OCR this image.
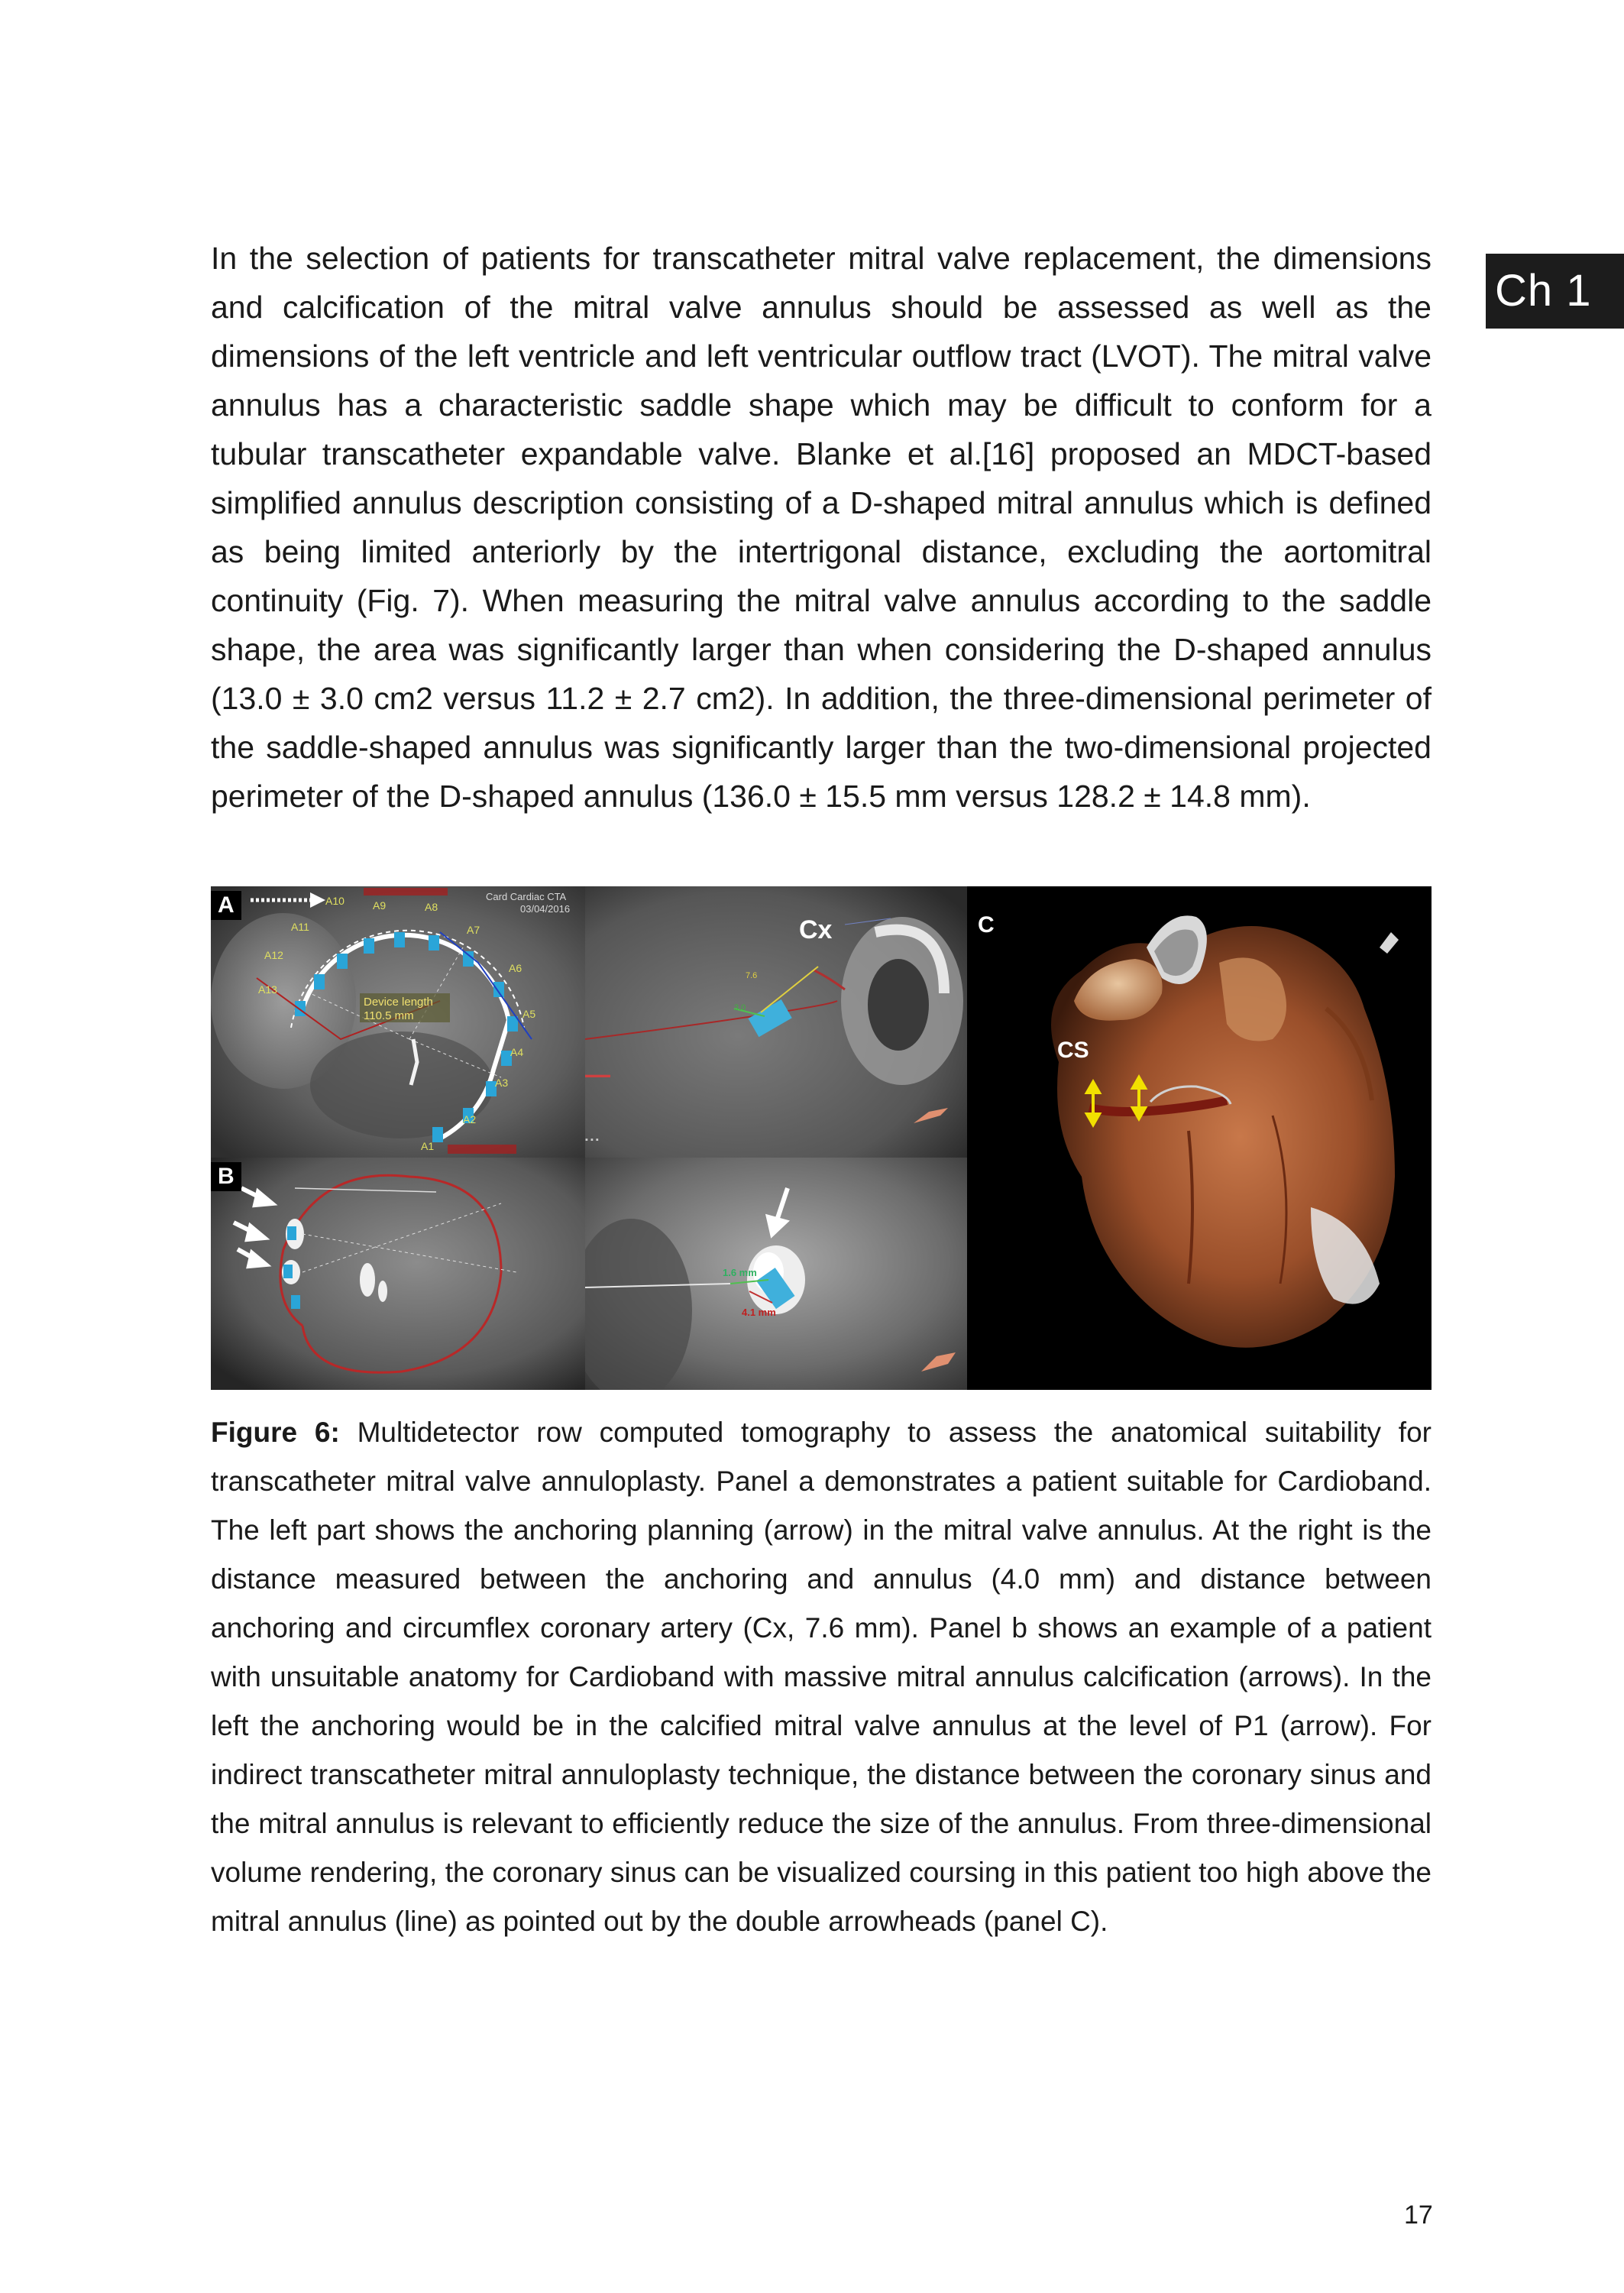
Ch 1

In the selection of patients for transcatheter mitral valve replacement, the dimensions and calcification of the mitral valve annulus should be assessed as well as the dimensions of the left ventricle and left ventricular outflow tract (LVOT). The mitral valve annulus has a characteristic saddle shape which may be difficult to conform for a tubular transcatheter expandable valve. Blanke et al.[16] proposed an MDCT-based simplified annulus description consisting of a D-shaped mitral annulus which is defined as being limited anteriorly by the intertrigonal distance, excluding the aortomitral continuity (Fig. 7). When measuring the mitral valve annulus according to the saddle shape, the area was significantly larger than when considering the D-shaped annulus (13.0 ± 3.0 cm2 versus 11.2 ± 2.7 cm2). In addition, the three-dimensional perimeter of the saddle-shaped annulus was significantly larger than the two-dimensional projected perimeter of the D-shaped annulus (136.0 ± 15.5 mm versus 128.2 ± 14.8 mm).

A10
A11
A12
A13
A9	A8
A7
A6
A5
A4
A3
A2
A1
Device length
110.5 mm
Card Cardiac CTA
03/04/2016
A
3.0
7.6
▬▬▬
▪ ▪ ▪
Cx
B
1.6 mm
4.1 mm
C
CS

Figure 6: Multidetector row computed tomography to assess the anatomical suitability for transcatheter mitral valve annuloplasty. Panel a demonstrates a patient suitable for Cardioband. The left part shows the anchoring planning (arrow) in the mitral valve annulus. At the right is the distance measured between the anchoring and annulus (4.0 mm) and distance between anchoring and circumflex coronary artery (Cx, 7.6 mm). Panel b shows an example of a patient with unsuitable anatomy for Cardioband with massive mitral annulus calcification (arrows). In the left the anchoring would be in the calcified mitral valve annulus at the level of P1 (arrow). For indirect transcatheter mitral annuloplasty technique, the distance between the coronary sinus and the mitral annulus is relevant to efficiently reduce the size of the annulus. From three-dimensional volume rendering, the coronary sinus can be visualized coursing in this patient too high above the mitral annulus (line) as pointed out by the double arrowheads (panel C).

17
